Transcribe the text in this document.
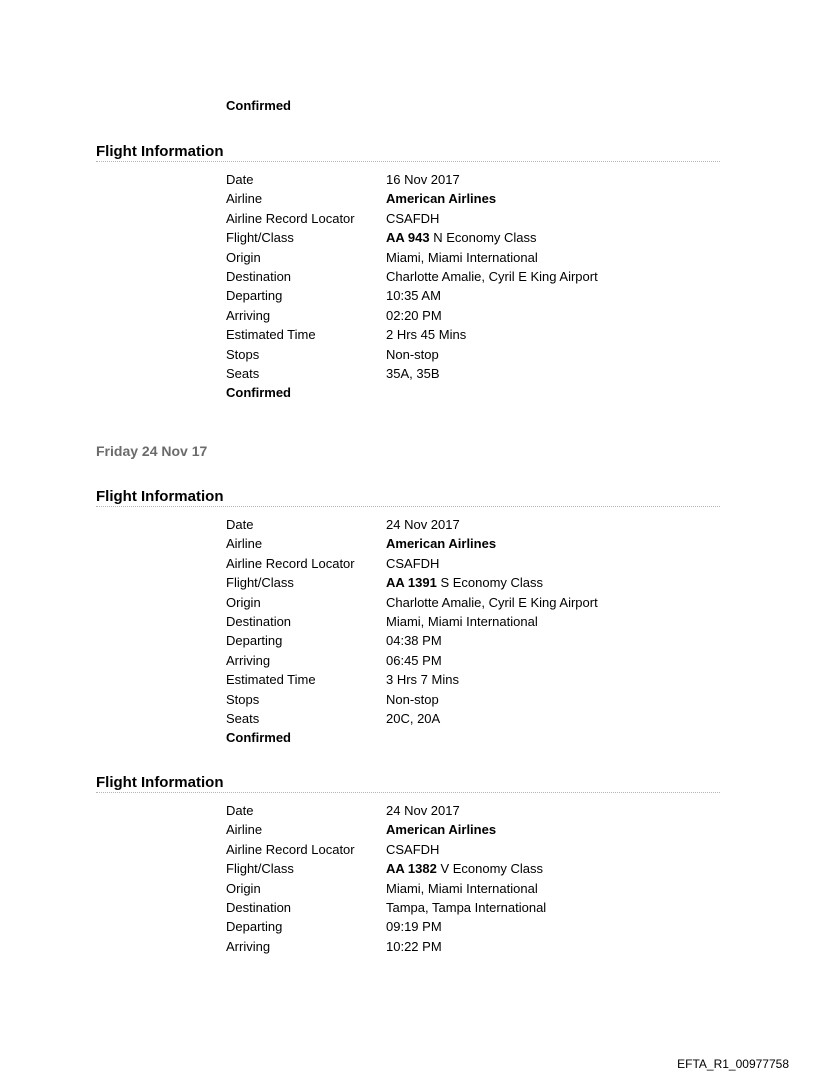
Confirmed
Flight Information
Date	16 Nov 2017
Airline	American Airlines
Airline Record Locator CSAFDH
Flight/Class	AA 943 N Economy Class
Origin	Miami, Miami International
Destination	Charlotte Amalie, Cyril E King Airport
Departing	10:35 AM
Arriving	02:20 PM
Estimated Time	2 Hrs 45 Mins
Stops	Non-stop
Seats	35A, 35B
Confirmed
Friday 24 Nov 17
Flight Information
Date	24 Nov 2017
Airline	American Airlines
Airline Record Locator CSAFDH
Flight/Class	AA 1391 S Economy Class
Origin	Charlotte Amalie, Cyril E King Airport
Destination	Miami, Miami International
Departing	04:38 PM
Arriving	06:45 PM
Estimated Time	3 Hrs 7 Mins
Stops	Non-stop
Seats	20C, 20A
Confirmed
Flight Information
Date	24 Nov 2017
Airline	American Airlines
Airline Record Locator CSAFDH
Flight/Class	AA 1382 V Economy Class
Origin	Miami, Miami International
Destination	Tampa, Tampa International
Departing	09:19 PM
Arriving	10:22 PM
EFTA_R1_00977758
